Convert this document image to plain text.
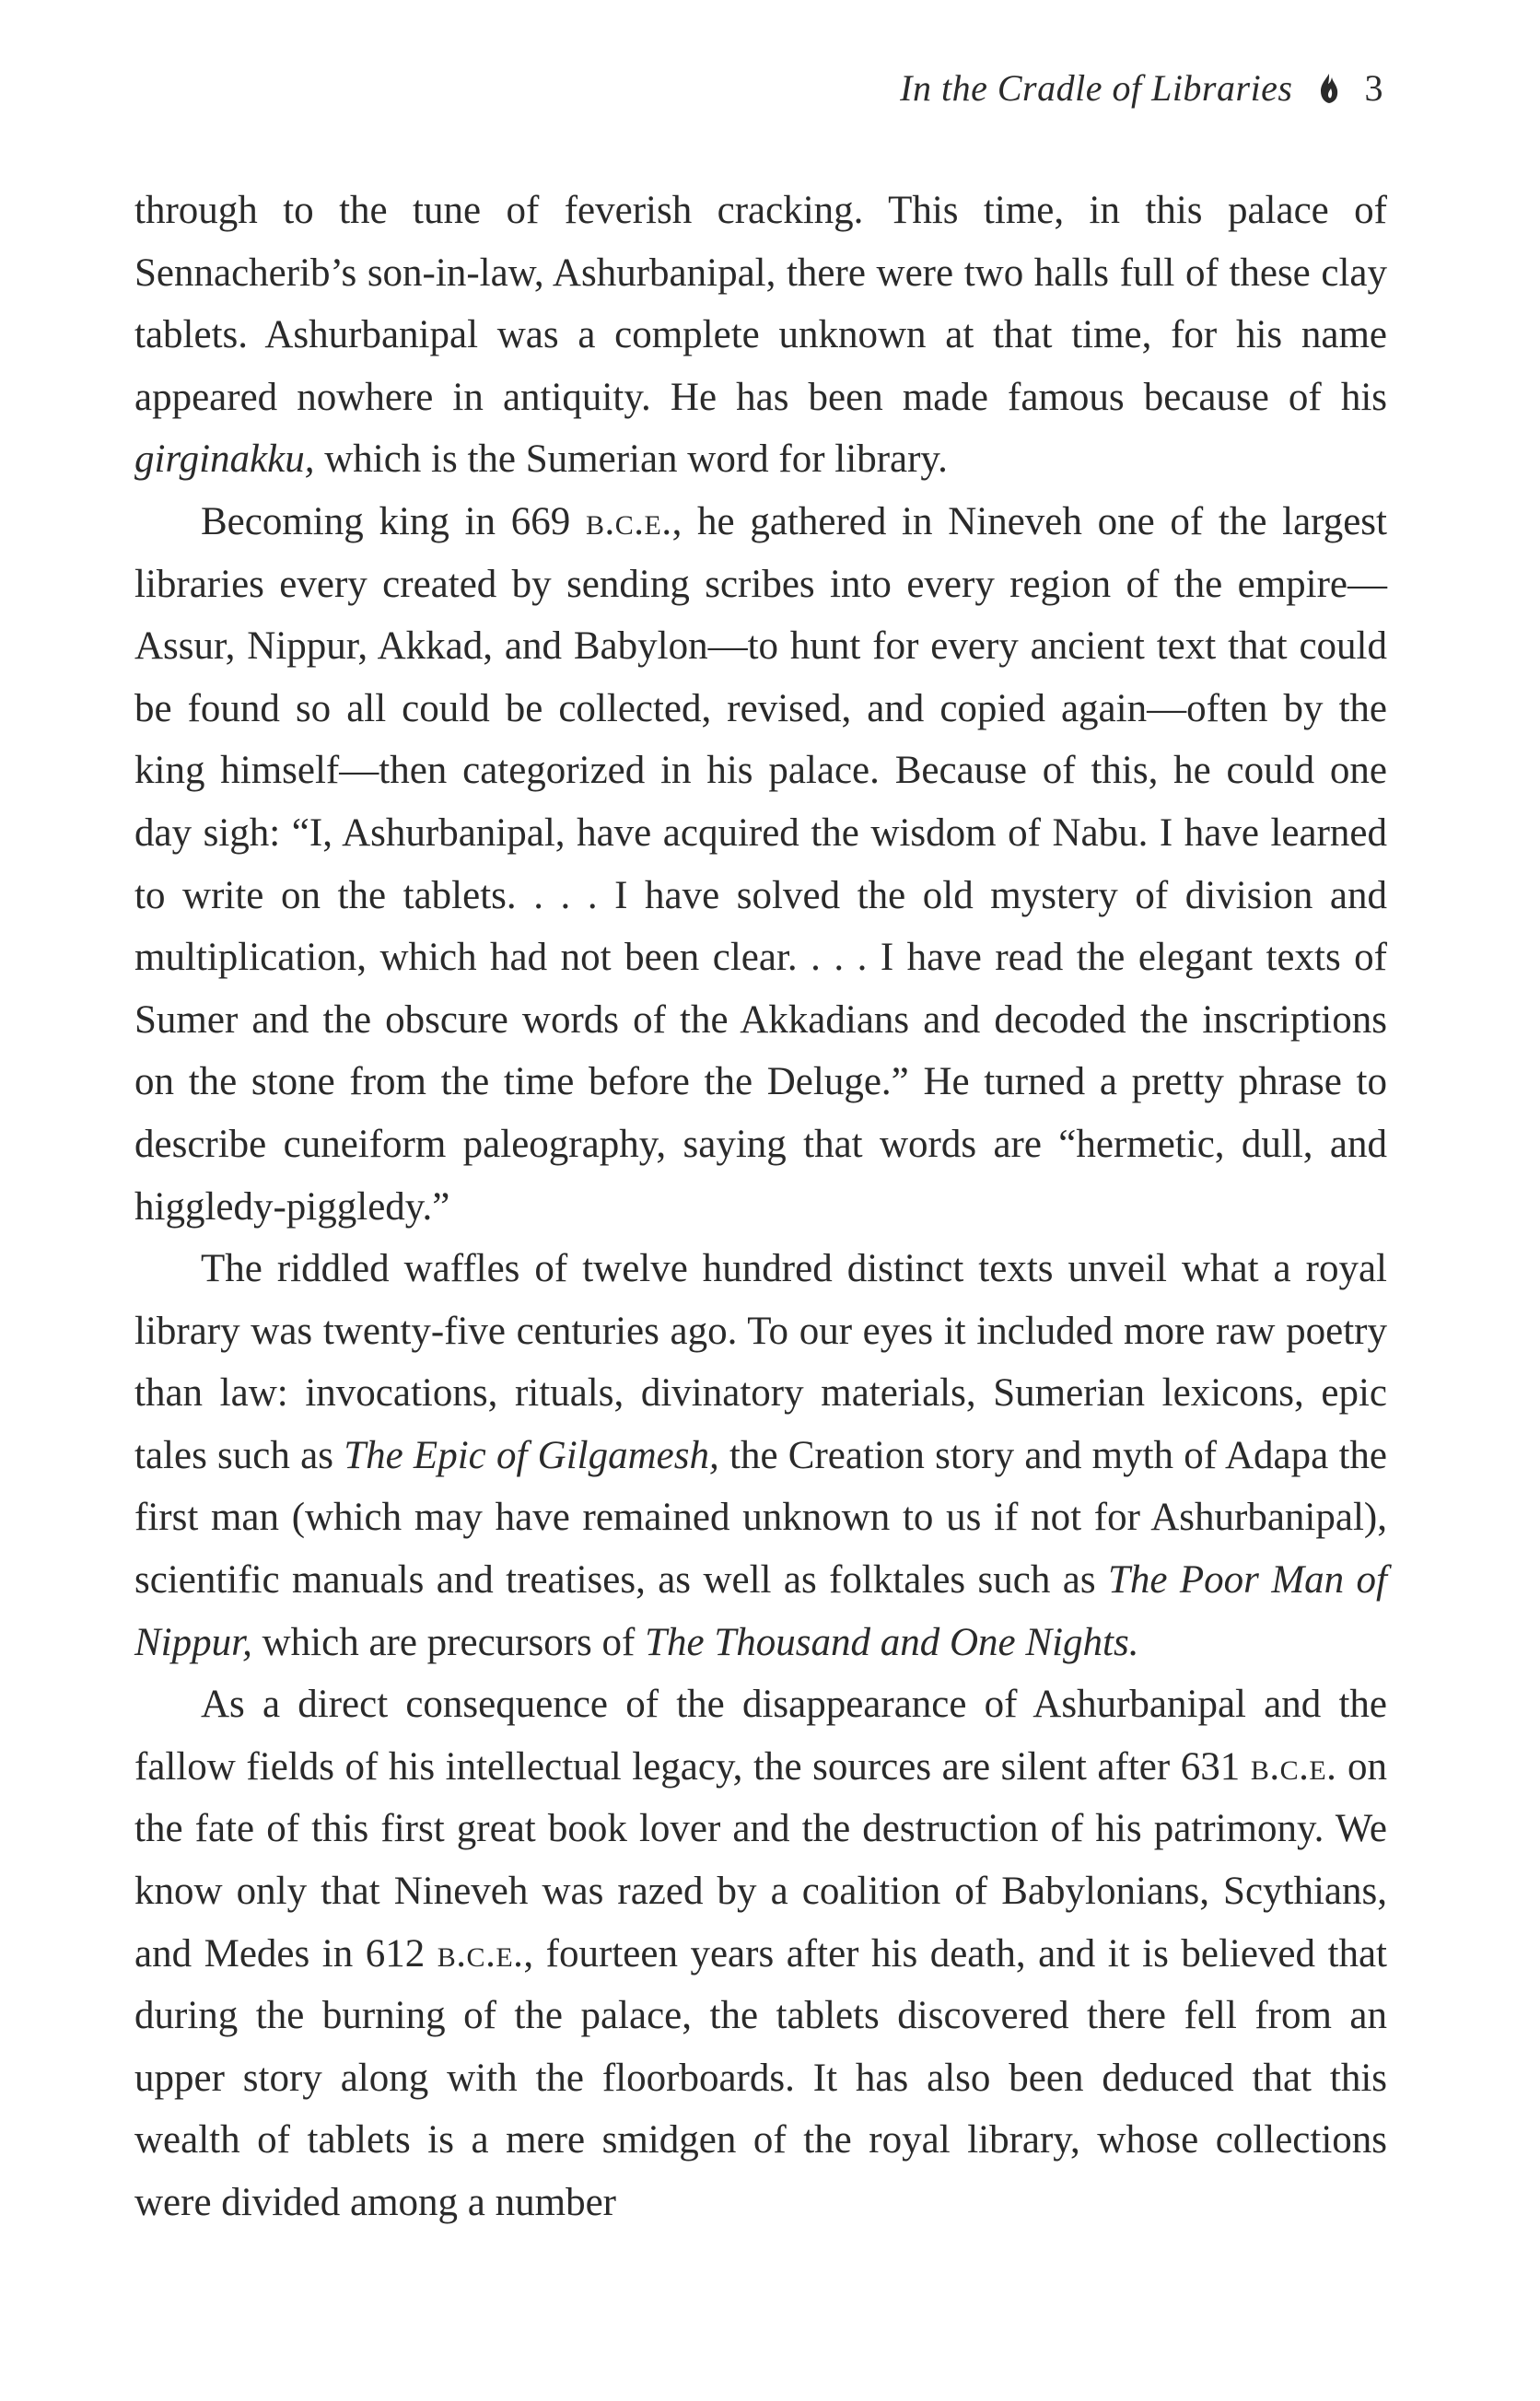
In the Cradle of Libraries 3

through to the tune of feverish cracking. This time, in this palace of Sennacherib’s son-in-law, Ashurbanipal, there were two halls full of these clay tablets. Ashurbanipal was a complete unknown at that time, for his name appeared nowhere in antiquity. He has been made famous because of his girginakku, which is the Sumerian word for library.

Becoming king in 669 b.c.e., he gathered in Nineveh one of the largest libraries every created by sending scribes into every region of the empire—Assur, Nippur, Akkad, and Babylon—to hunt for every ancient text that could be found so all could be collected, revised, and copied again—often by the king himself—then categorized in his palace. Because of this, he could one day sigh: “I, Ashurbanipal, have acquired the wisdom of Nabu. I have learned to write on the tablets. . . . I have solved the old mystery of division and multiplication, which had not been clear. . . . I have read the elegant texts of Sumer and the obscure words of the Akkadians and decoded the inscriptions on the stone from the time before the Deluge.” He turned a pretty phrase to describe cuneiform paleography, saying that words are “hermetic, dull, and higgledy-piggledy.”

The riddled waffles of twelve hundred distinct texts unveil what a royal library was twenty-five centuries ago. To our eyes it included more raw poetry than law: invocations, rituals, divinatory materials, Sumerian lexicons, epic tales such as The Epic of Gilgamesh, the Creation story and myth of Adapa the first man (which may have remained unknown to us if not for Ashurbanipal), scientific manuals and treatises, as well as folktales such as The Poor Man of Nippur, which are precursors of The Thousand and One Nights.

As a direct consequence of the disappearance of Ashurbanipal and the fallow fields of his intellectual legacy, the sources are silent after 631 b.c.e. on the fate of this first great book lover and the destruction of his patrimony. We know only that Nineveh was razed by a coalition of Babylonians, Scythians, and Medes in 612 b.c.e., fourteen years after his death, and it is believed that during the burning of the palace, the tablets discovered there fell from an upper story along with the floorboards. It has also been deduced that this wealth of tablets is a mere smidgen of the royal library, whose collections were divided among a number
